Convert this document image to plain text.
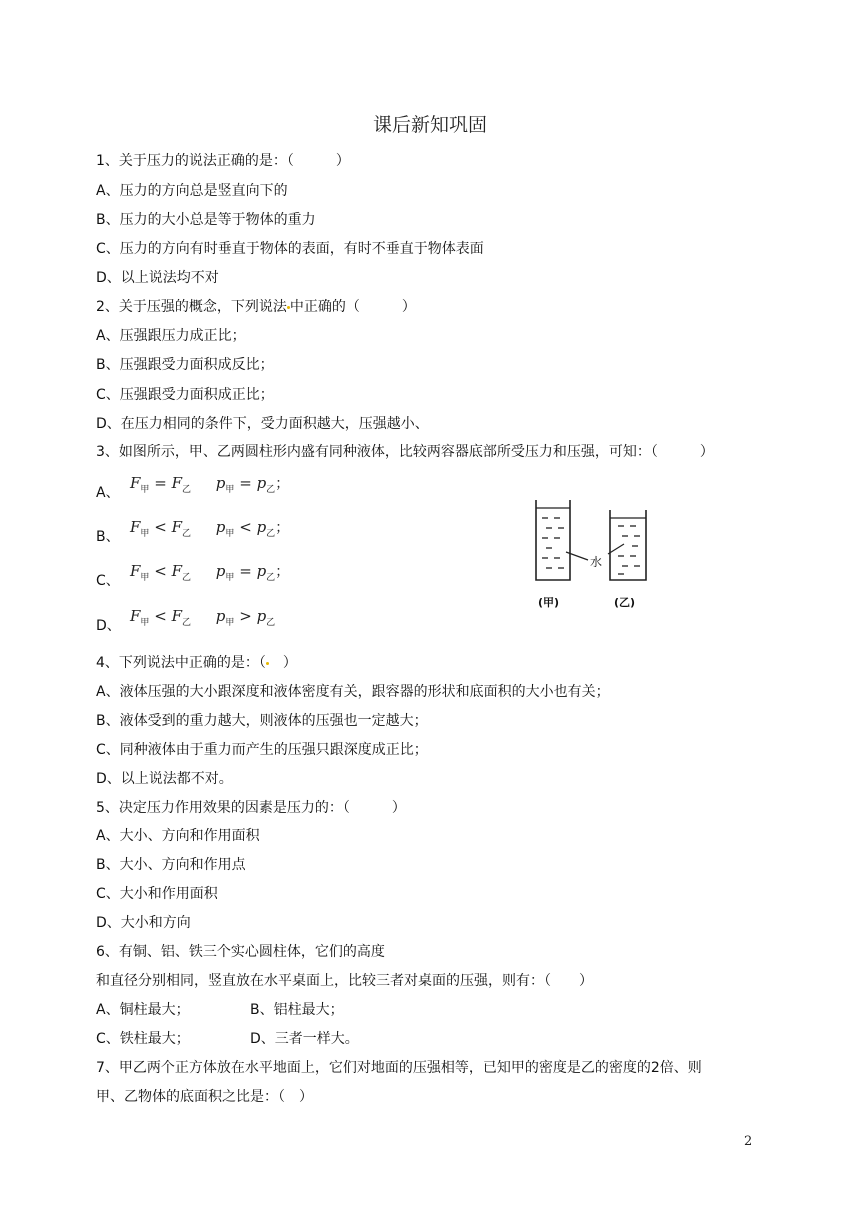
课后新知巩固
1、关于压力的说法正确的是：（　　　）
A、压力的方向总是竖直向下的
B、压力的大小总是等于物体的重力
C、压力的方向有时垂直于物体的表面，有时不垂直于物体表面
D、以上说法均不对
2、关于压强的概念，下列说法 中正确的（　　　）
A、压强跟压力成正比；
B、压强跟受力面积成反比；
C、压强跟受力面积成正比；
D、在压力相同的条件下，受力面积越大，压强越小、
3、如图所示，甲、乙两圆柱形内盛有同种液体，比较两容器底部所受压力和压强，可知：（　　　）
A、
$F_甲 = F_乙$ $p_甲 = p_乙$；
B、
$F_甲 < F_乙$ $p_甲 < p_乙$；
C、
$F_甲 < F_乙$ $p_甲 = p_乙$；
D、
$F_甲 < F_乙$ $p_甲 > p_乙$
水
(甲)	(乙)
4、下列说法中正确的是：（　）
A、液体压强的大小跟深度和液体密度有关，跟容器的形状和底面积的大小也有关；
B、液体受到的重力越大，则液体的压强也一定越大；
C、同种液体由于重力而产生的压强只跟深度成正比；
D、以上说法都不对。
5、决定压力作用效果的因素是压力的：（　　　）
A、大小、方向和作用面积
B、大小、方向和作用点
C、大小和作用面积
D、大小和方向
6、有铜、铝、铁三个实心圆柱体，它们的高度
和直径分别相同，竖直放在水平桌面上，比较三者对桌面的压强，则有：（　　）
A、铜柱最大；	B、铝柱最大；
C、铁柱最大；	D、三者一样大。
7、甲乙两个正方体放在水平地面上，它们对地面的压强相等，已知甲的密度是乙的密度的2倍、则
甲、乙物体的底面积之比是：（　）
2
